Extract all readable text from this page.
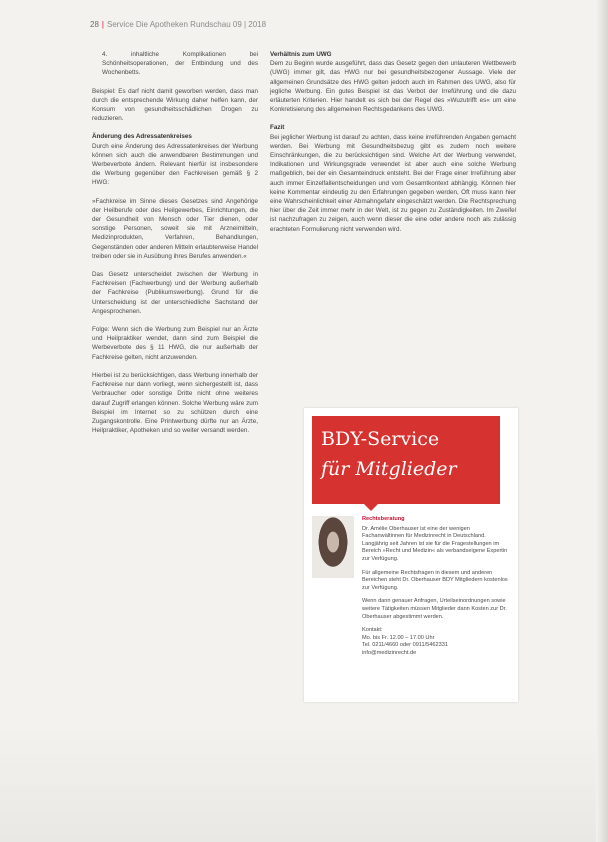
28 | Service Die Apotheken Rundschau 09 | 2018

4. inhaltliche Komplikationen bei Schönheitsoperationen, der Entbindung und des Wochenbetts.

Beispiel: Es darf nicht damit geworben werden, dass man durch die entsprechende Wirkung daher helfen kann, der Konsum von gesundheitsschädlichen Drogen zu reduzieren.

Änderung des Adressatenkreises

Durch eine Änderung des Adressatenkreises der Werbung können sich auch die anwendbaren Bestimmungen und Werbeverbote ändern. Relevant hierfür ist insbesondere die Werbung gegenüber den Fachkreisen gemäß § 2 HWG:

»Fachkreise im Sinne dieses Gesetzes sind Angehörige der Heilberufe oder des Heilgewerbes, Einrichtungen, die der Gesundheit von Mensch oder Tier dienen, oder sonstige Personen, soweit sie mit Arzneimitteln, Medizinprodukten, Verfahren, Behandlungen, Gegenständen oder anderen Mitteln erlaubterweise Handel treiben oder sie in Ausübung ihres Berufes anwenden.«

Das Gesetz unterscheidet zwischen der Werbung in Fachkreisen (Fachwerbung) und der Werbung außerhalb der Fachkreise (Publikumswerbung). Grund für die Unterscheidung ist der unterschiedliche Sachstand der Angesprochenen.

Folge: Wenn sich die Werbung zum Beispiel nur an Ärzte und Heilpraktiker wendet, dann sind zum Beispiel die Werbeverbote des § 11 HWG, die nur außerhalb der Fachkreise gelten, nicht anzuwenden.

Hierbei ist zu berücksichtigen, dass Werbung innerhalb der Fachkreise nur dann vorliegt, wenn sichergestellt ist, dass Verbraucher oder sonstige Dritte nicht ohne weiteres darauf Zugriff erlangen können. Solche Werbung wäre zum Beispiel im Internet so zu schützen durch eine Zugangskontrolle. Eine Printwerbung dürfte nur an Ärzte, Heilpraktiker, Apotheken und so weiter versandt werden.

Verhältnis zum UWG

Dem zu Beginn wurde ausgeführt, dass das Gesetz gegen den unlauteren Wettbewerb (UWG) immer gilt, das HWG nur bei gesundheitsbezogener Aussage. Viele der allgemeinen Grundsätze des HWG gelten jedoch auch im Rahmen des UWG, also für jegliche Werbung. Ein gutes Beispiel ist das Verbot der Irreführung und die dazu erläuterten Kriterien. Hier handelt es sich bei der Regel des »Wuzutrifft es« um eine Konkretisierung des allgemeinen Rechtsgedankens des UWG.

Fazit

Bei jeglicher Werbung ist darauf zu achten, dass keine irreführenden Angaben gemacht werden. Bei Werbung mit Gesundheitsbezug gibt es zudem noch weitere Einschränkungen, die zu berücksichtigen sind. Welche Art der Werbung verwendet, Indikationen und Wirkungsgrade verwendet ist aber auch eine solche Werbung maßgeblich, bei der ein Gesamteindruck entsteht. Bei der Frage einer Irreführung aber auch immer Einzelfallentscheidungen und vom Gesamtkontext abhängig. Können hier keine Kommentar eindeutig zu den Erfahrungen gegeben werden, Oft muss kann hier eine Wahrscheinlichkeit einer Abmahngefahr eingeschätzt werden. Die Rechtsprechung hier über die Zeit immer mehr in der Welt, ist zu gegen zu Zuständigkeiten. Im Zweifel ist nachzufragen zu zeigen, auch wenn dieser die eine oder andere noch als zulässig erachteten Formulierung nicht verwenden wird.

BDY-Service
für Mitglieder

Rechtsberatung

Dr. Amélie Oberhauser ist eine der wenigen Fachanwältinnen für Medizinrecht in Deutschland. Langjährig seit Jahren ist sie für die Fragestellungen im Bereich »Recht und Medizin« als verbandseigene Expertin zur Verfügung.

Für allgemeine Rechtsfragen in diesem und anderen Bereichen steht Dr. Oberhauser BDY Mitgliedern kostenlos zur Verfügung.

Wenn dann genauer Anfragen, Urteilseinordnungen sowie weitere Tätigkeiten müssen Mitglieder dann Kosten zur Dr. Oberhauser abgestimmt werden.

Kontakt:

Mo. bis Fr. 12.00 – 17.00 Uhr

Tel. 0211/4660 oder 0911/5462331

info@medizinrecht.de
